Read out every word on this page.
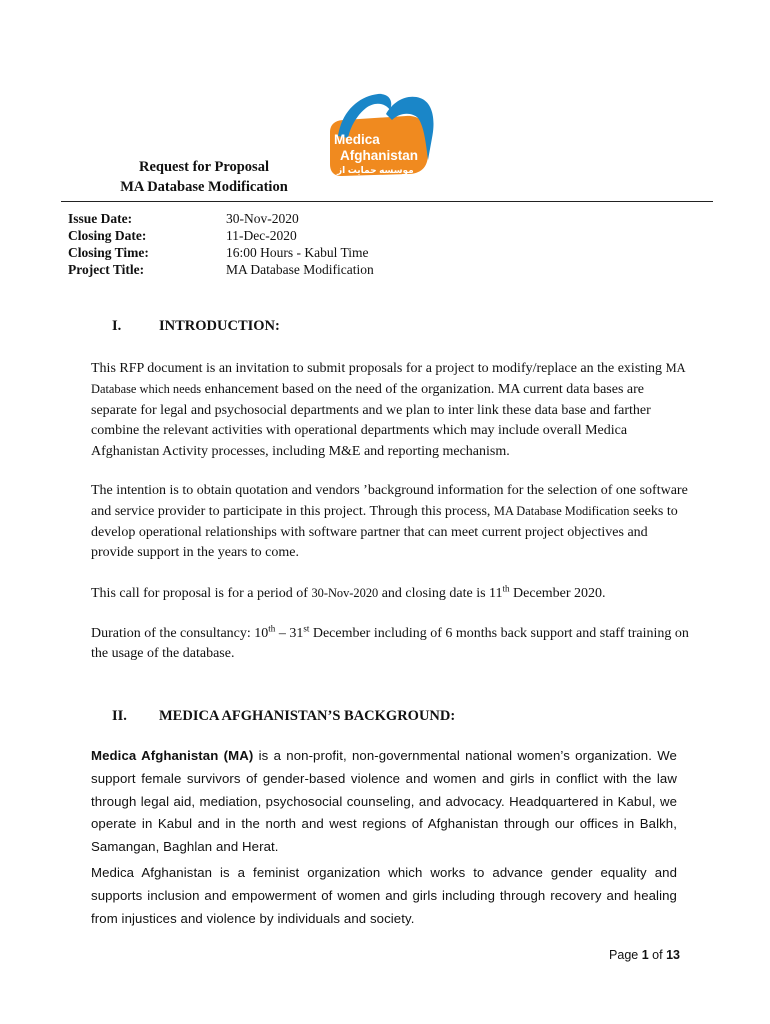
Medica
Afghanistan
موسسه حمایت از زنان
Request for Proposal
MA Database Modification
Issue Date:	30-Nov-2020
Closing Date:	11-Dec-2020
Closing Time:	16:00 Hours - Kabul Time
Project Title:	MA Database Modification
I.	INTRODUCTION:
This RFP document is an invitation to submit proposals for a project to modify/replace an the existing MA Database which needs enhancement based on the need of the organization. MA current data bases are separate for legal and psychosocial departments and we plan to inter link these data base and farther combine the relevant activities with operational departments which may include overall Medica Afghanistan Activity processes, including M&E and reporting mechanism.
The intention is to obtain quotation and vendors ’background information for the selection of one software and service provider to participate in this project. Through this process, MA Database Modification seeks to develop operational relationships with software partner that can meet current project objectives and provide support in the years to come.
This call for proposal is for a period of 30-Nov-2020 and closing date is 11th December 2020.
Duration of the consultancy: 10th – 31st December including of 6 months back support and staff training on the usage of the database.
II. MEDICA AFGHANISTAN’S BACKGROUND:
Medica Afghanistan (MA) is a non-profit, non-governmental national women’s organization. We support female survivors of gender-based violence and women and girls in conflict with the law through legal aid, mediation, psychosocial counseling, and advocacy. Headquartered in Kabul, we operate in Kabul and in the north and west regions of Afghanistan through our offices in Balkh, Samangan, Baghlan and Herat.
Medica Afghanistan is a feminist organization which works to advance gender equality and supports inclusion and empowerment of women and girls including through recovery and healing from injustices and violence by individuals and society.
Page 1 of 13
